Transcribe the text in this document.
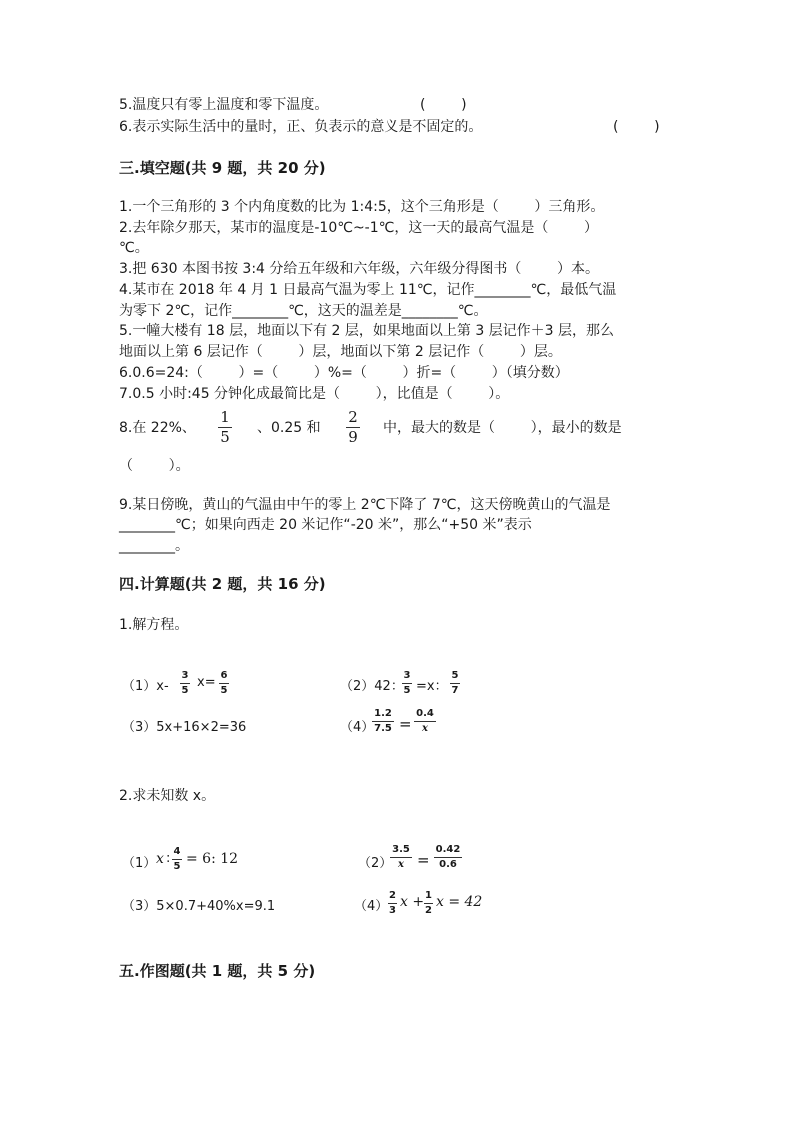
5.温度只有零上温度和零下温度。	(        )
6.表示实际生活中的量时，正、负表示的意义是不固定的。	(        )
三.填空题(共 9 题，共 20 分)
1.一个三角形的 3 个内角度数的比为 1:4:5，这个三角形是（        ）三角形。
2.去年除夕那天，某市的温度是-10℃~-1℃，这一天的最高气温是（        ）
℃。
3.把 630 本图书按 3:4 分给五年级和六年级，六年级分得图书（        ）本。
4.某市在 2018 年 4 月 1 日最高气温为零上 11℃，记作________℃，最低气温
为零下 2℃，记作________℃，这天的温差是________℃。
5.一幢大楼有 18 层，地面以下有 2 层，如果地面以上第 3 层记作＋3 层，那么
地面以上第 6 层记作（        ）层，地面以下第 2 层记作（        ）层。
6.0.6=24:（        ）=（        ）%=（        ）折=（        ）（填分数）
7.0.5 小时:45 分钟化成最简比是（        ），比值是（        ）。
8.在 22%、
1
5 、0.25 和
2
9 中，最大的数是（        ），最小的数是
（        ）。
9.某日傍晚，黄山的气温由中午的零上 2℃下降了 7℃，这天傍晚黄山的气温是
________℃；如果向西走 20 米记作“-20 米”，那么“+50 米”表示
________。
四.计算题(共 2 题，共 16 分)
1.解方程。
（1）x-
3
5
x= 6
5	（2）42：
3
5 =x：
5
7
（3）5x+16×2=36	（4）
1.2
7.5 =
0.4
x
2.求未知数 x。
（1） x : 4
5 = 6: 12	（2）
3.5
x =
0.42
0.6
（3）5×0.7+40%x=9.1	（4）
2
3
x + 1
2
x = 42
五.作图题(共 1 题，共 5 分)
